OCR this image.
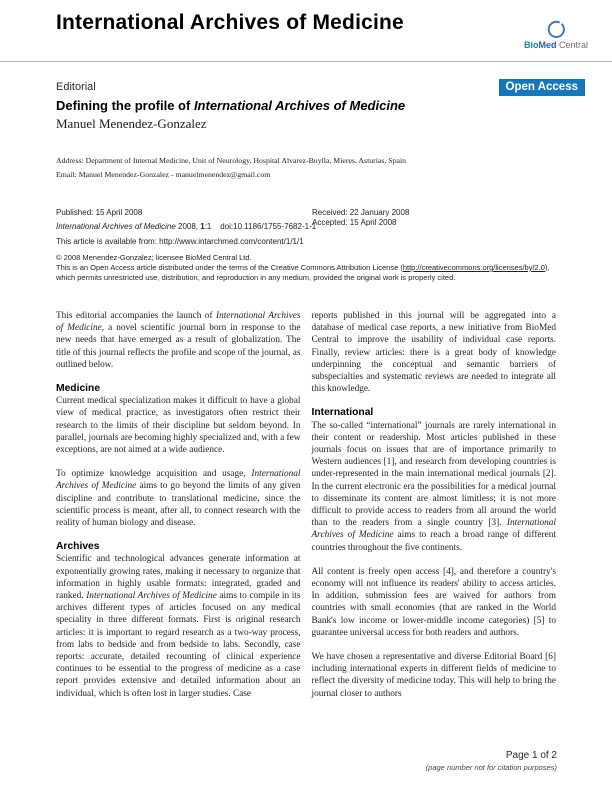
International Archives of Medicine
BioMed Central
Editorial	Open Access
Defining the profile of International Archives of Medicine
Manuel Menendez-Gonzalez
Address: Department of Internal Medicine, Unit of Neurology, Hospital Alvarez-Buylla, Mieres, Asturias, Spain
Email: Manuel Menendez-Gonzalez - manuelmenendez@gmail.com
Published: 15 April 2008	Received: 22 January 2008
Accepted: 15 April 2008
International Archives of Medicine 2008, 1:1    doi:10.1186/1755-7682-1-1
This article is available from: http://www.intarchmed.com/content/1/1/1
© 2008 Menendez-Gonzalez; licensee BioMed Central Ltd.
This is an Open Access article distributed under the terms of the Creative Commons Attribution License (http://creativecommons.org/licenses/by/2.0), which permits unrestricted use, distribution, and reproduction in any medium, provided the original work is properly cited.

This editorial accompanies the launch of International Archives of Medicine, a novel scientific journal born in response to the new needs that have emerged as a result of globalization. The title of this journal reflects the profile and scope of the journal, as outlined below.

Medicine

Current medical specialization makes it difficult to have a global view of medical practice, as investigators often restrict their research to the limits of their discipline but seldom beyond. In parallel, journals are becoming highly specialized and, with a few exceptions, are not aimed at a wide audience.

To optimize knowledge acquisition and usage, International Archives of Medicine aims to go beyond the limits of any given discipline and contribute to translational medicine, since the scientific process is meant, after all, to connect research with the reality of human biology and disease.

Archives

Scientific and technological advances generate information at exponentially growing rates, making it necessary to organize that information in highly usable formats: integrated, graded and ranked. International Archives of Medicine aims to compile in its archives different types of articles focused on any medical speciality in three different formats. First is original research articles: it is important to regard research as a two-way process, from labs to bedside and from bedside to labs. Secondly, case reports: accurate, detailed recounting of clinical experience continues to be essential to the progress of medicine as a case report provides extensive and detailed information about an individual, which is often lost in larger studies. Case

reports published in this journal will be aggregated into a database of medical case reports, a new initiative from BioMed Central to improve the usability of individual case reports. Finally, review articles: there is a great body of knowledge underpinning the conceptual and semantic barriers of subspecialties and systematic reviews are needed to integrate all this knowledge.

International

The so-called “international” journals are rarely international in their content or readership. Most articles published in these journals focus on issues that are of importance primarily to Western audiences [1], and research from developing countries is under-represented in the main international medical journals [2]. In the current electronic era the possibilities for a medical journal to disseminate its content are almost limitless; it is not more difficult to provide access to readers from all around the world than to the readers from a single country [3]. International Archives of Medicine aims to reach a broad range of different countries throughout the five continents.

All content is freely open access [4], and therefore a country's economy will not influence its readers' ability to access articles. In addition, submission fees are waived for authors from countries with small economies (that are ranked in the World Bank's low income or lower-middle income categories) [5] to guarantee universal access for both readers and authors.

We have chosen a representative and diverse Editorial Board [6] including international experts in different fields of medicine to reflect the diversity of medicine today. This will help to bring the journal closer to authors

Page 1 of 2
(page number not for citation purposes)
